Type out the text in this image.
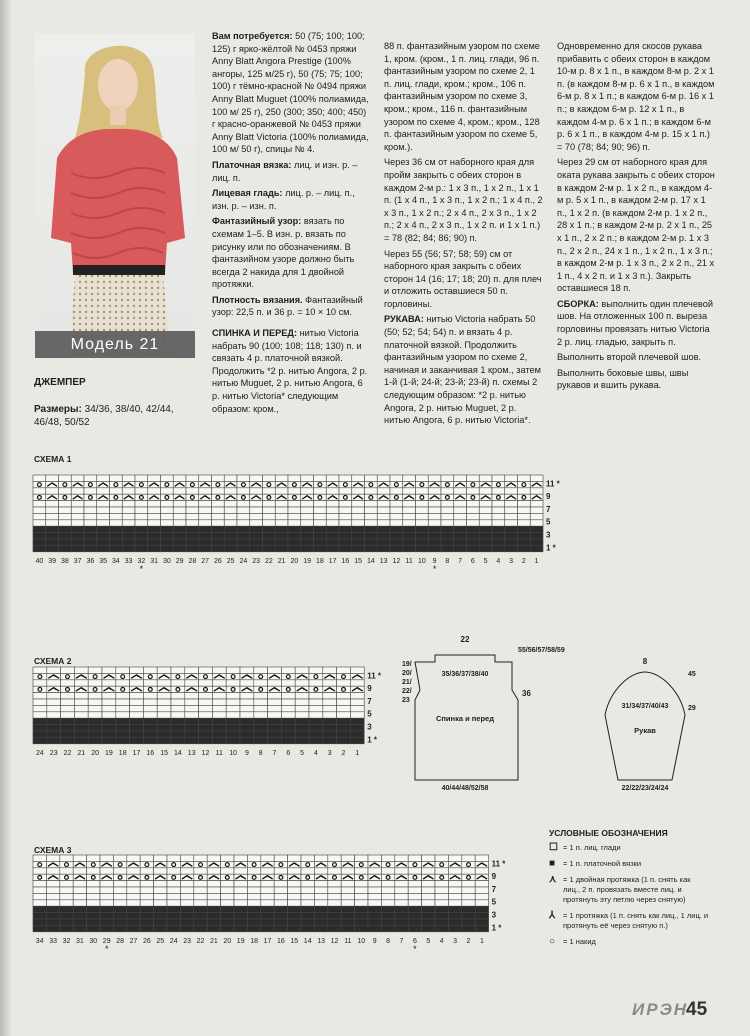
Модель 21
ДЖЕМПЕР
Размеры: 34/36, 38/40, 42/44, 46/48, 50/52

Вам потребуется: 50 (75; 100; 100; 125) г ярко-жёлтой № 0453 пряжи Anny Blatt Angora Prestige (100% ангоры, 125 м/25 г), 50 (75; 75; 100; 100) г тёмно-красной № 0494 пряжи Anny Blatt Muguet (100% полиамида, 100 м/ 25 г), 250 (300; 350; 400; 450) г красно-оранжевой № 0453 пряжи Anny Blatt Victoria (100% полиамида, 100 м/ 50 г), спицы № 4.

Платочная вязка: лиц. и изн. р. – лиц. п.

Лицевая гладь: лиц. р. – лиц. п., изн. р. – изн. п.

Фантазийный узор: вязать по схемам 1–5. В изн. р. вязать по рисунку или по обозначениям. В фантазийном узоре должно быть всегда 2 накида для 1 двойной протяжки.

Плотность вязания. Фантазийный узор: 22,5 п. и 36 р. = 10 × 10 см.

СПИНКА И ПЕРЕД: нитью Victoria набрать 90 (100; 108; 118; 130) п. и связать 4 р. платочной вязкой. Продолжить *2 р. нитью Angora, 2 р. нитью Muguet, 2 р. нитью Angora, 6 р. нитью Victoria* следующим образом: кром.,

88 п. фантазийным узором по схеме 1, кром. (кром., 1 п. лиц. глади, 96 п. фантазийным узором по схеме 2, 1 п. лиц. глади, кром.; кром., 106 п. фантазийным узором по схеме 3, кром.; кром., 116 п. фантазийным узором по схеме 4, кром.; кром., 128 п. фантазийным узором по схеме 5, кром.).

Через 36 см от наборного края для пройм закрыть с обеих сторон в каждом 2-м р.: 1 х 3 п., 1 х 2 п., 1 х 1 п. (1 х 4 п., 1 х 3 п., 1 х 2 п.; 1 х 4 п., 2 х 3 п., 1 х 2 п.; 2 х 4 п., 2 х 3 п., 1 х 2 п.; 2 х 4 п., 2 х 3 п., 1 х 2 п. и 1 х 1 п.) = 78 (82; 84; 86; 90) п.

Через 55 (56; 57; 58; 59) см от наборного края закрыть с обеих сторон 14 (16; 17; 18; 20) п. для плеч и отложить оставшиеся 50 п. горловины.

РУКАВА: нитью Victoria набрать 50 (50; 52; 54; 54) п. и вязать 4 р. платочной вязкой. Продолжить фантазийным узором по схеме 2, начиная и заканчивая 1 кром., затем 1-й (1-й; 24-й; 23-й; 23-й) п. схемы 2 следующим образом: *2 р. нитью Angora, 2 р. нитью Muguet, 2 р. нитью Angora, 6 р. нитью Victoria*.

Одновременно для скосов рукава прибавить с обеих сторон в каждом 10-м р. 8 х 1 п., в каждом 8-м р. 2 х 1 п. (в каждом 8-м р. 6 х 1 п., в каждом 6-м р. 8 х 1 п.; в каждом 6-м р. 16 х 1 п.; в каждом 6-м р. 12 х 1 п., в каждом 4-м р. 6 х 1 п.; в каждом 6-м р. 6 х 1 п., в каждом 4-м р. 15 х 1 п.) = 70 (78; 84; 90; 96) п.

Через 29 см от наборного края для оката рукава закрыть с обеих сторон в каждом 2-м р. 1 х 2 п., в каждом 4-м р. 5 х 1 п., в каждом 2-м р. 17 х 1 п., 1 х 2 п. (в каждом 2-м р. 1 х 2 п., 28 х 1 п.; в каждом 2-м р. 2 х 1 п., 25 х 1 п., 2 х 2 п.; в каждом 2-м р. 1 х 3 п., 2 х 2 п., 24 х 1 п., 1 х 2 п., 1 х 3 п.; в каждом 2-м р. 1 х 3 п., 2 х 2 п., 21 х 1 п., 4 х 2 п. и 1 х 3 п.). Закрыть оставшиеся 18 п.

СБОРКА: выполнить один плечевой шов. На отложенных 100 п. вырезa горловины провязать нитью Victoria 2 р. лиц. гладью, закрыть п.

Выполнить второй плечевой шов.

Выполнить боковые швы, швы рукавов и вшить рукава.

СХЕМА 1
СХЕМА 2
СХЕМА 3
1 *
3
5
7
9
11 *
40 39 38 37 36 35 34 33 32
*
31 30 29 28 27 26 25 24 23 22 21 20 19 18 17 16 15 14 13 12 11 10 9
*
8 7 6 5 4 3 2 1
1 *
3
5
7
9
11 *
24 23 22 21 20 19 18 17 16 15 14 13 12 11 10 9 8 7 6 5 4 3 2 1
1 *
3
5
7
9
11 *
34 33 32 31 30 29
*
28 27 26 25 24 23 22 21 20 19 18 17 16 15 14 13 12 11 10 9 8 7 6
*
5 4 3 2 1
22
55/56/57/58/59
19/
20/
21/
22/
23
35/36/37/38/40
36
Спинка и перед
40/44/48/52/58
8
45
29
31/34/37/40/43
Рукав
22/22/23/24/24
УСЛОВНЫЕ ОБОЗНАЧЕНИЯ
☐ = 1 п. лиц. глади
■	= 1 п. платочной вязки
⋏ = 1 двойная протяжка (1 п. снять как лиц., 2 п. провязать вместе лиц. и протянуть эту петлю через снятую)
⅄	= 1 протяжка (1 п. снять как лиц., 1 лиц. и протянуть её через снятую п.)
○	= 1 накид
ИРЭН
45
